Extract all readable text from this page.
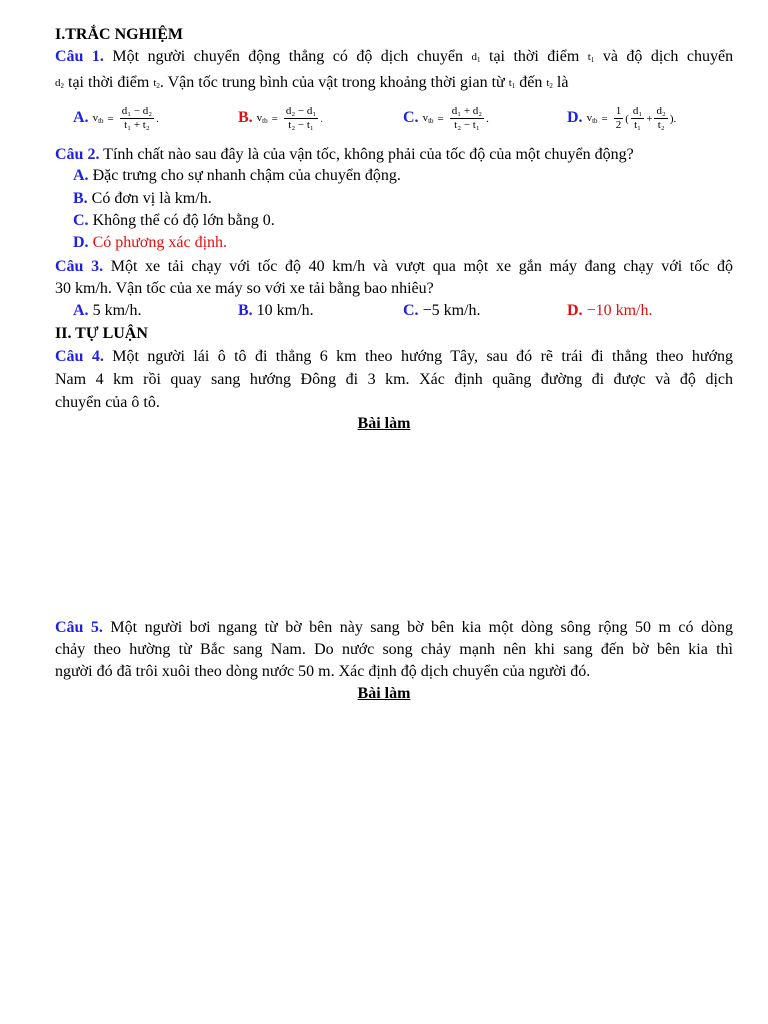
I.TRẮC NGHIỆM
Câu 1. Một người chuyển động thẳng có độ dịch chuyển $d_1$ tại thời điểm $t_1$ và độ dịch chuyển
$d_2$ tại thời điểm $t_2$. Vận tốc trung bình của vật trong khoảng thời gian từ $t_1$ đến $t_2$ là
A. $v_{tb} = \frac{\text{d₁ − d₂}}{\text{t₁ + t₂}}$ .	B. $v_{tb} = \frac{\text{d₂ − d₁}}{\text{t₂ − t₁}}$ .	C. $v_{tb} = \frac{\text{d₁ + d₂}}{\text{t₂ − t₁}}$ .	D. $v_{tb} = \frac{1}{2}$ ( $\frac{\text{d₁}}{\text{t₁}} + \frac{\text{d₂}}{\text{t₂}}$ ).
Câu 2. Tính chất nào sau đây là của vận tốc, không phải của tốc độ của một chuyển động?
A. Đặc trưng cho sự nhanh chậm của chuyển động.
B. Có đơn vị là km/h.
C. Không thể có độ lớn bằng 0.
D. Có phương xác định.
Câu 3. Một xe tải chạy với tốc độ 40 km/h và vượt qua một xe gắn máy đang chạy với tốc độ
30 km/h. Vận tốc của xe máy so với xe tải bằng bao nhiêu?
A. 5 km/h.	B. 10 km/h.	C. −5 km/h.	D. −10 km/h.
II. TỰ LUẬN
Câu 4. Một người lái ô tô đi thẳng 6 km theo hướng Tây, sau đó rẽ trái đi thẳng theo hướng
Nam 4 km rồi quay sang hướng Đông đi 3 km. Xác định quãng đường đi được và độ dịch
chuyển của ô tô.
Bài làm
Câu 5. Một người bơi ngang từ bờ bên này sang bờ bên kia một dòng sông rộng 50 m có dòng
chảy theo hường từ Bắc sang Nam. Do nước song chảy mạnh nên khi sang đến bờ bên kia thì
người đó đã trôi xuôi theo dòng nước 50 m. Xác định độ dịch chuyển của người đó.
Bài làm
